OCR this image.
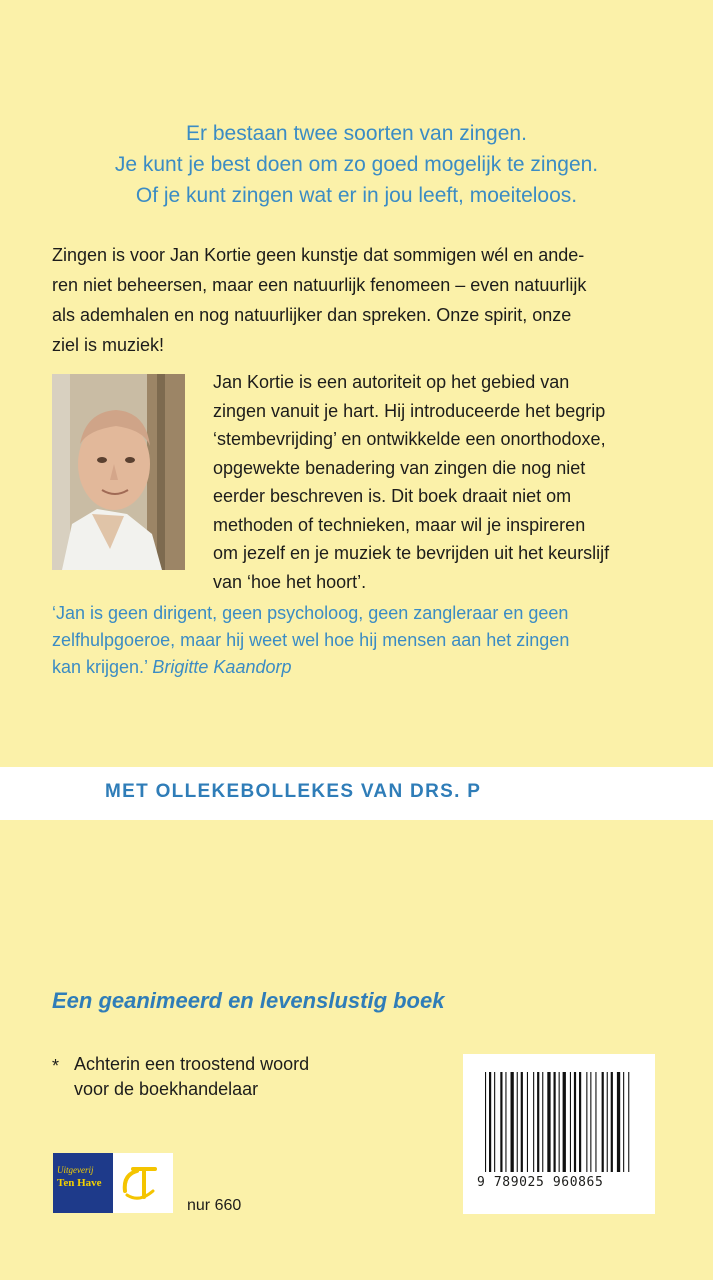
Er bestaan twee soorten van zingen.
Je kunt je best doen om zo goed mogelijk te zingen.
Of je kunt zingen wat er in jou leeft, moeiteloos.
Zingen is voor Jan Kortie geen kunstje dat sommigen wél en ande-
ren niet beheersen, maar een natuurlijk fenomeen – even natuurlijk
als ademhalen en nog natuurlijker dan spreken. Onze spirit, onze
ziel is muziek!
Jan Kortie is een autoriteit op het gebied van
zingen vanuit je hart. Hij introduceerde het begrip
‘stembevrijding’ en ontwikkelde een onorthodoxe,
opgewekte benadering van zingen die nog niet
eerder beschreven is. Dit boek draait niet om
methoden of technieken, maar wil je inspireren
om jezelf en je muziek te bevrijden uit het keurslijf
van ‘hoe het hoort’.
‘Jan is geen dirigent, geen psycholoog, geen zangleraar en geen
zelfhulpgoeroe, maar hij weet wel hoe hij mensen aan het zingen
kan krijgen.’ Brigitte Kaandorp
MET OLLEKEBOLLEKES VAN DRS. P
Een geanimeerd en levenslustig boek
* Achterin een troostend woord
voor de boekhandelaar
9 789025 960865
Uitgeverij
Ten Have
nur 660
